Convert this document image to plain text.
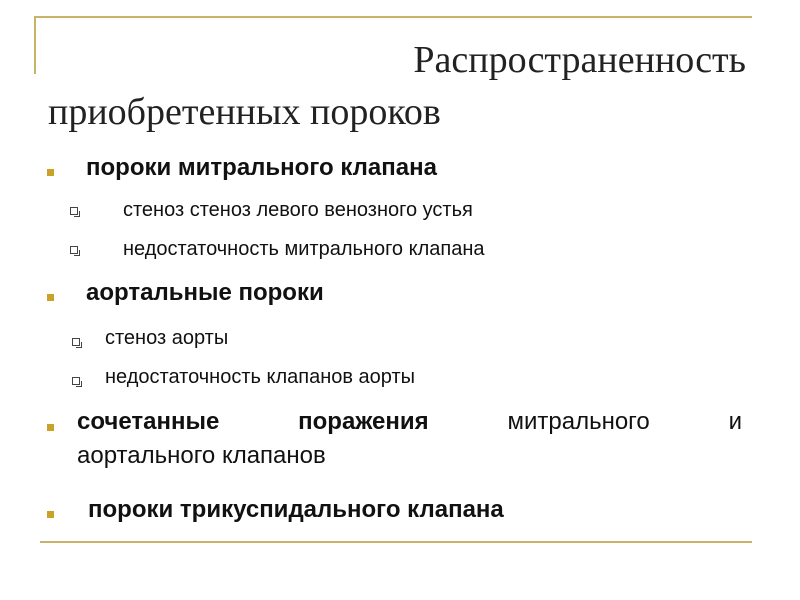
Распространенность
приобретенных пороков
пороки митрального клапана
стеноз стеноз левого венозного устья
недостаточность митрального клапана
аортальные пороки
стеноз аорты
недостаточность клапанов аорты
сочетанные поражения	митрального и
аортального клапанов
пороки трикуспидального клапана
